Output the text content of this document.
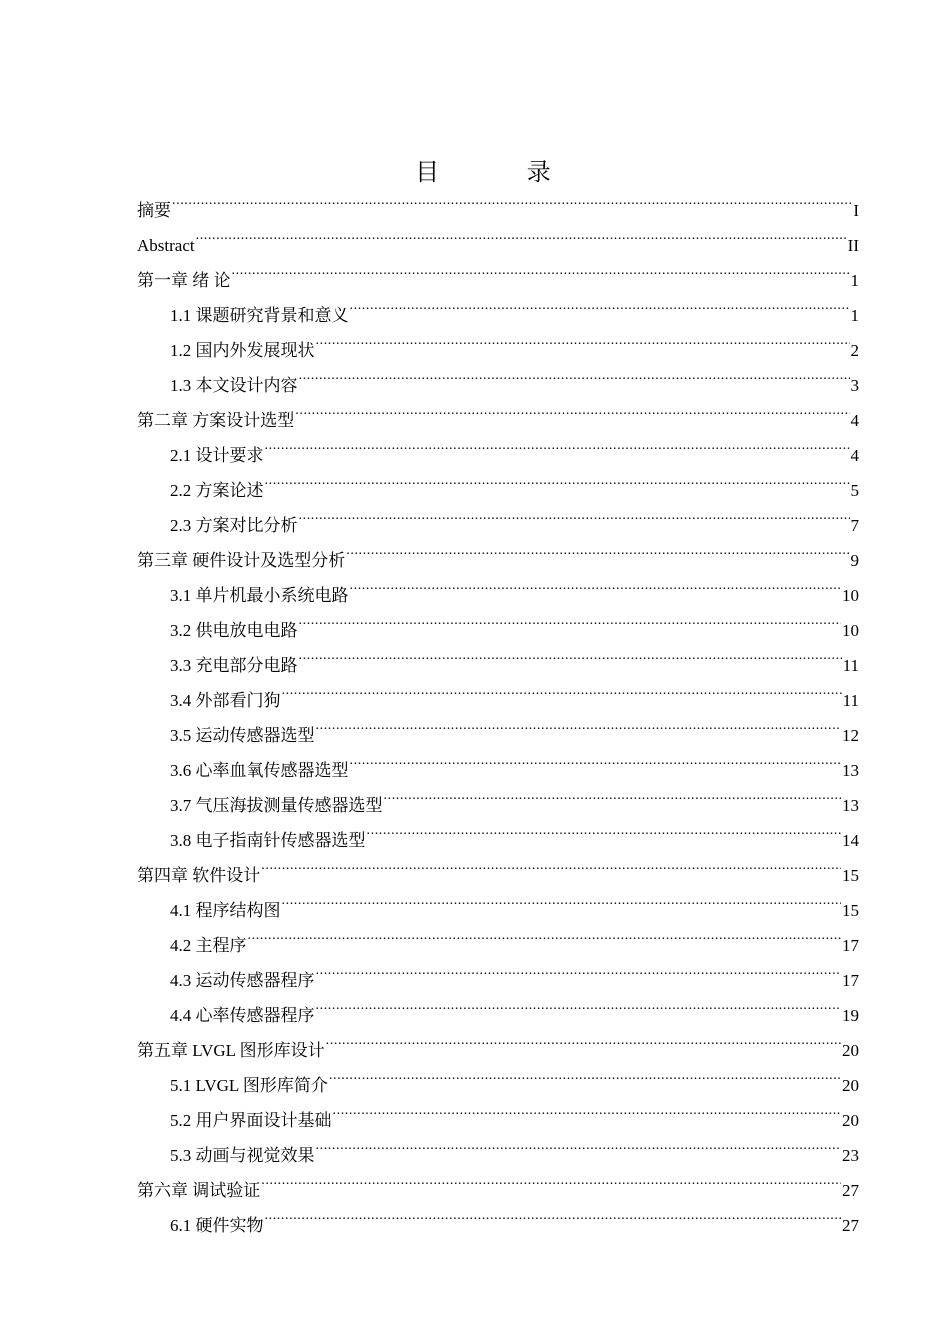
目 录
摘要 .....	I
Abstract .....	II
第一章 绪 论 .....	1
1.1 课题研究背景和意义 .....	1
1.2 国内外发展现状 .....	2
1.3 本文设计内容 .....	3
第二章 方案设计选型 .....	4
2.1 设计要求 .....	4
2.2 方案论述 .....	5
2.3 方案对比分析 .....	7
第三章 硬件设计及选型分析 .....	9
3.1 单片机最小系统电路 .....	10
3.2 供电放电电路 .....	10
3.3 充电部分电路 .....	11
3.4 外部看门狗 .....	11
3.5 运动传感器选型 .....	12
3.6 心率血氧传感器选型 .....	13
3.7 气压海拔测量传感器选型 .....	13
3.8 电子指南针传感器选型 .....	14
第四章 软件设计 .....	15
4.1 程序结构图 .....	15
4.2 主程序 .....	17
4.3 运动传感器程序 .....	17
4.4 心率传感器程序 .....	19
第五章 LVGL 图形库设计 .....	20
5.1 LVGL 图形库简介 .....	20
5.2 用户界面设计基础 .....	20
5.3 动画与视觉效果 .....	23
第六章 调试验证 .....	27
6.1 硬件实物 .....	27
